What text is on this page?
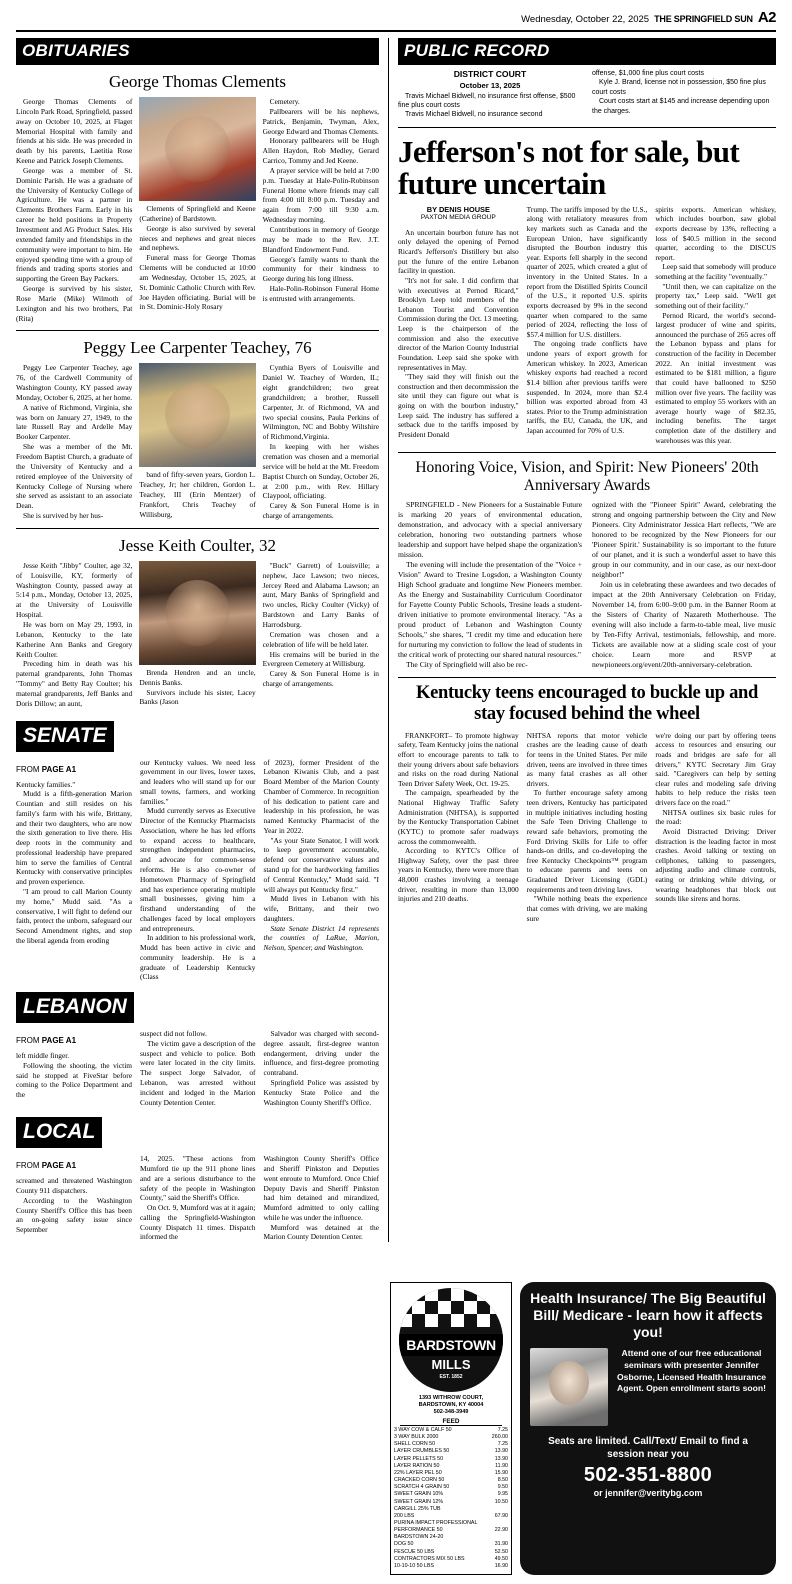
Wednesday, October 22, 2025 THE SPRINGFIELD SUN A2
OBITUARIES
George Thomas Clements

George Thomas Clements of Lincoln Park Road, Springfield, passed away on October 10, 2025, at Flaget Memorial Hospital with family and friends at his side. He was preceded in death by his parents, Laetitia Rose Keene and Patrick Joseph Clements.

George was a member of St. Dominic Parish. He was a graduate of the University of Kentucky College of Agriculture. He was a partner in Clements Brothers Farm. Early in his career he held positions in Property Investment and AG Product Sales. His extended family and friendships in the community were important to him. He enjoyed spending time with a group of friends and trading sports stories and supporting the Green Bay Packers.

George is survived by his sister, Rose Marie (Mike) Wilmoth of Lexington and his two brothers, Pat (Rita)

Clements of Springfield and Keene (Catherine) of Bardstown.

George is also survived by several nieces and nephews and great nieces and nephews.

Funeral mass for George Thomas Clements will be conducted at 10:00 am Wednesday, October 15, 2025, at St. Dominic Catholic Church with Rev. Joe Hayden officiating. Burial will be in St. Dominic-Holy Rosary

Cemetery.

Pallbearers will be his nephews, Patrick, Benjamin, Twyman, Alex, George Edward and Thomas Clements.

Honorary pallbearers will be Hugh Allen Haydon, Rob Medley, Gerard Carrico, Tommy and Jed Keene.

A prayer service will be held at 7:00 p.m. Tuesday at Hale-Polin-Robinson Funeral Home where friends may call from 4:00 till 8:00 p.m. Tuesday and again from 7:00 till 9:30 a.m. Wednesday morning.

Contributions in memory of George may be made to the Rev. J.T. Blandford Endowment Fund.

George's family wants to thank the community for their kindness to George during his long illness.

Hale-Polin-Robinson Funeral Home is entrusted with arrangements.

Peggy Lee Carpenter Teachey, 76

Peggy Lee Carpenter Teachey, age 76, of the Cardwell Community of Washington County, KY passed away Monday, October 6, 2025, at her home.

A native of Richmond, Virginia, she was born on January 27, 1949, to the late Russell Ray and Ardelle May Booker Carpenter.

She was a member of the Mt. Freedom Baptist Church, a graduate of the University of Kentucky and a retired employee of the University of Kentucky College of Nursing where she served as assistant to an associate Dean.

She is survived by her hus-

band of fifty-seven years, Gordon L. Teachey, Jr; her children, Gordon L. Teachey, III (Erin Mentzer) of Frankfort, Chris Teachey of Willisburg,

Cynthia Byers of Louisville and Daniel W. Teachey of Worden, IL; eight grandchildren; two great grandchildren; a brother, Russell Carpenter, Jr. of Richmond, VA and two special cousins, Paula Perkins of Wilmington, NC and Bobby Wiltshire of Richmond,Virginia.

In keeping with her wishes cremation was chosen and a memorial service will be held at the Mt. Freedom Baptist Church on Sunday, October 26, at 2:00 p.m., with Rev. Hillary Claypool, officiating.

Carey & Son Funeral Home is in charge of arrangements.

Jesse Keith Coulter, 32

Jesse Keith "Jibby" Coulter, age 32, of Louisville, KY, formerly of Washington County, passed away at 5:14 p.m., Monday, October 13, 2025, at the University of Louisville Hospital.

He was born on May 29, 1993, in Lebanon, Kentucky to the late Katherine Ann Banks and Gregory Keith Coulter.

Preceding him in death was his paternal grandparents, John Thomas "Tommy" and Betty Ray Coulter; his maternal grandparents, Jeff Banks and Doris Dillow; an aunt,

Brenda Hendren and an uncle, Dennis Banks.

Survivors include his sister, Lacey Banks (Jason

"Buck" Garrett) of Louisville; a nephew, Jace Lawson; two nieces, Jercey Reed and Alabama Lawson; an aunt, Mary Banks of Springfield and two uncles, Ricky Coulter (Vicky) of Bardstown and Larry Banks of Harrodsburg.

Cremation was chosen and a celebration of life will be held later.

His cremains will be buried in the Evergreen Cemetery at Willisburg.

Carey & Son Funeral Home is in charge of arrangements.

SENATE
FROM PAGE A1

Kentucky families."

Mudd is a fifth-generation Marion Countian and still resides on his family's farm with his wife, Brittany, and their two daughters, who are now the sixth generation to live there. His deep roots in the community and professional leadership have prepared him to serve the families of Central Kentucky with conservative principles and proven experience.

"I am proud to call Marion County my home," Mudd said. "As a conservative, I will fight to defend our faith, protect the unborn, safeguard our Second Amendment rights, and stop the liberal agenda from eroding

our Kentucky values. We need less government in our lives, lower taxes, and leaders who will stand up for our small towns, farmers, and working families."

Mudd currently serves as Executive Director of the Kentucky Pharmacists Association, where he has led efforts to expand access to healthcare, strengthen independent pharmacies, and advocate for common-sense reforms. He is also co-owner of Hometown Pharmacy of Springfield and has experience operating multiple small businesses, giving him a firsthand understanding of the challenges faced by local employers and entrepreneurs.

In addition to his professional work, Mudd has been active in civic and community leadership. He is a graduate of Leadership Kentucky (Class

of 2023), former President of the Lebanon Kiwanis Club, and a past Board Member of the Marion County Chamber of Commerce. In recognition of his dedication to patient care and leadership in his profession, he was named Kentucky Pharmacist of the Year in 2022.

"As your State Senator, I will work to keep government accountable, defend our conservative values and stand up for the hardworking families of Central Kentucky," Mudd said. "I will always put Kentucky first."

Mudd lives in Lebanon with his wife, Brittany, and their two daughters.

State Senate District 14 represents the counties of LaRue, Marion, Nelson, Spencer, and Washington.

LEBANON
FROM PAGE A1

left middle finger.

Following the shooting, the victim said he stopped at FiveStar before coming to the Police Department and the

suspect did not follow.

The victim gave a description of the suspect and vehicle to police. Both were later located in the city limits. The suspect Jorge Salvador, of Lebanon, was arrested without incident and lodged in the Marion County Detention Center.

Salvador was charged with second-degree assault, first-degree wanton endangerment, driving under the influence, and first-degree promoting contraband.

Springfield Police was assisted by Kentucky State Police and the Washington County Sheriff's Office.

LOCAL
FROM PAGE A1

screamed and threatened Washington County 911 dispatchers.

According to the Washington County Sheriff's Office this has been an on-going safety issue since September

14, 2025. "These actions from Mumford tie up the 911 phone lines and are a serious disturbance to the safety of the people in Washington County," said the Sheriff's Office.

On Oct. 9, Mumford was at it again; calling the Springfield-Washington County Dispatch 11 times. Dispatch informed the

Washington County Sheriff's Office and Sheriff Pinkston and Deputies went enroute to Mumford. Once Chief Deputy Davis and Sheriff Pinkston had him detained and mirandized, Mumford admitted to only calling while he was under the influence.

Mumford was detained at the Marion County Detention Center.

PUBLIC RECORD
DISTRICT COURT
October 13, 2025

Travis Michael Bidwell, no insurance first offense, $500 fine plus court costs

Travis Michael Bidwell, no insurance second

offense, $1,000 fine plus court costs

Kyle J. Brand, license not in possession, $50 fine plus court costs

Court costs start at $145 and increase depending upon the charges.

Jefferson's not for sale, but future uncertain
BY DENIS HOUSE
PAXTON MEDIA GROUP

An uncertain bourbon future has not only delayed the opening of Pernod Ricard's Jefferson's Distillery but also put the future of the entire Lebanon facility in question.

"It's not for sale. I did confirm that with executives at Pernod Ricard," Brooklyn Leep told members of the Lebanon Tourist and Convention Commission during the Oct. 13 meeting. Leep is the chairperson of the commission and also the executive director of the Marion County Industrial Foundation. Leep said she spoke with representatives in May.

"They said they will finish out the construction and then decommission the site until they can figure out what is going on with the bourbon industry," Leep said. The industry has suffered a setback due to the tariffs imposed by President Donald

Trump. The tariffs imposed by the U.S., along with retaliatory measures from key markets such as Canada and the European Union, have significantly disrupted the Bourbon industry this year. Exports fell sharply in the second quarter of 2025, which created a glut of inventory in the United States. In a report from the Distilled Spirits Council of the U.S., it reported U.S. spirits exports decreased by 9% in the second quarter when compared to the same period of 2024, reflecting the loss of $57.4 million for U.S. distillers.

The ongoing trade conflicts have undone years of export growth for American whiskey. In 2023, American whiskey exports had reached a record $1.4 billion after previous tariffs were suspended. In 2024, more than $2.4 billion was exported abroad from 43 states. Prior to the Trump administration tariffs, the EU, Canada, the UK, and Japan accounted for 70% of U.S.

spirits exports. American whiskey, which includes bourbon, saw global exports decrease by 13%, reflecting a loss of $40.5 million in the second quarter, according to the DISCUS report.

Leep said that somebody will produce something at the facility "eventually."

"Until then, we can capitalize on the property tax," Leep said. "We'll get something out of their facility."

Pernod Ricard, the world's second-largest producer of wine and spirits, announced the purchase of 265 acres off the Lebanon bypass and plans for construction of the facility in December 2022. An initial investment was estimated to be $181 million, a figure that could have ballooned to $250 million over five years. The facility was estimated to employ 55 workers with an average hourly wage of $82.35, including benefits. The target completion date of the distillery and warehouses was this year.

Honoring Voice, Vision, and Spirit: New Pioneers' 20th Anniversary Awards

SPRINGFIELD - New Pioneers for a Sustainable Future is marking 20 years of environmental education, demonstration, and advocacy with a special anniversary celebration, honoring two outstanding partners whose leadership and support have helped shape the organization's mission.

The evening will include the presentation of the "Voice + Vision" Award to Tresine Logsdon, a Washington County High School graduate and longtime New Pioneers member. As the Energy and Sustainability Curriculum Coordinator for Fayette County Public Schools, Tresine leads a student-driven initiative to promote environmental literacy. "As a proud product of Lebanon and Washington County Schools," she shares, "I credit my time and education here for nurturing my conviction to follow the lead of students in the critical work of protecting our shared natural resources."

The City of Springfield will also be rec-

ognized with the "Pioneer Spirit" Award, celebrating the strong and ongoing partnership between the City and New Pioneers. City Administrator Jessica Hart reflects, "We are honored to be recognized by the New Pioneers for our 'Pioneer Spirit.' Sustainability is so important to the future of our planet, and it is such a wonderful asset to have this group in our community, and in our case, as our next-door neighbor!"

Join us in celebrating these awardees and two decades of impact at the 20th Anniversary Celebration on Friday, November 14, from 6:00–9:00 p.m. in the Banner Room at the Sisters of Charity of Nazareth Motherhouse. The evening will also include a farm-to-table meal, live music by Ten-Fifty Arrival, testimonials, fellowship, and more. Tickets are available now at a sliding scale cost of your choice. Learn more and RSVP at newpioneers.org/event/20th-anniversary-celebration.

Kentucky teens encouraged to buckle up and stay focused behind the wheel

FRANKFORT– To promote highway safety, Team Kentucky joins the national effort to encourage parents to talk to their young drivers about safe behaviors and risks on the road during National Teen Driver Safety Week, Oct. 19-25.

The campaign, spearheaded by the National Highway Traffic Safety Administration (NHTSA), is supported by the Kentucky Transportation Cabinet (KYTC) to promote safer roadways across the commonwealth.

According to KYTC's Office of Highway Safety, over the past three years in Kentucky, there were more than 48,000 crashes involving a teenage driver, resulting in more than 13,000 injuries and 210 deaths.

NHTSA reports that motor vehicle crashes are the leading cause of death for teens in the United States. Per mile driven, teens are involved in three times as many fatal crashes as all other drivers.

To further encourage safety among teen drivers, Kentucky has participated in multiple initiatives including hosting the Safe Teen Driving Challenge to reward safe behaviors, promoting the Ford Driving Skills for Life to offer hands-on drills, and co-developing the free Kentucky Checkpoints™ program to educate parents and teens on Graduated Driver Licensing (GDL) requirements and teen driving laws.

"While nothing beats the experience that comes with driving, we are making sure

we're doing our part by offering teens access to resources and ensuring our roads and bridges are safe for all drivers," KYTC Secretary Jim Gray said. "Caregivers can help by setting clear rules and modeling safe driving habits to help reduce the risks teen drivers face on the road."

NHTSA outlines six basic rules for the road:

Avoid Distracted Driving: Driver distraction is the leading factor in most crashes. Avoid talking or texting on cellphones, talking to passengers, adjusting audio and climate controls, eating or drinking while driving, or wearing headphones that block out sounds like sirens and horns.

BARDSTOWN
MILLS
EST. 1852
1393 WITHROW COURT,
BARDSTOWN, KY 40004
502-348-3949
FEED
3 WAY COW & CALF 50	7.25
3 WAY BULK 2000	260.00
SHELL CORN 50	7.25
LAYER CRUMBLES 50	13.90
LAYER PELLETS 50	13.90
LAYER RATION 50	11.90
22% LAYER PEL 50	15.90
CRACKED CORN 50	8.50
SCRATCH 4 GRAIN 50	9.50
SWEET GRAIN 10%	9.95
SWEET GRAIN 12%	10.50
CARGILL 25% TUB	
200 LBS	67.90
PURINA IMPACT PROFESSIONAL	
PERFORMANCE 50	22.90
BARDSTOWN 24-20	
DOG 50	31.90
FESCUE 50 LBS	52.50
CONTRACTORS MIX 50 LBS	49.50
10-10-10 50 LBS	16.90
Health Insurance/ The Big Beautiful Bill/ Medicare - learn how it affects you!
Attend one of our free educational seminars with presenter Jennifer Osborne, Licensed Health Insurance Agent. Open enrollment starts soon!
Seats are limited. Call/Text/ Email to find a session near you
502-351-8800
or jennifer@veritybg.com
